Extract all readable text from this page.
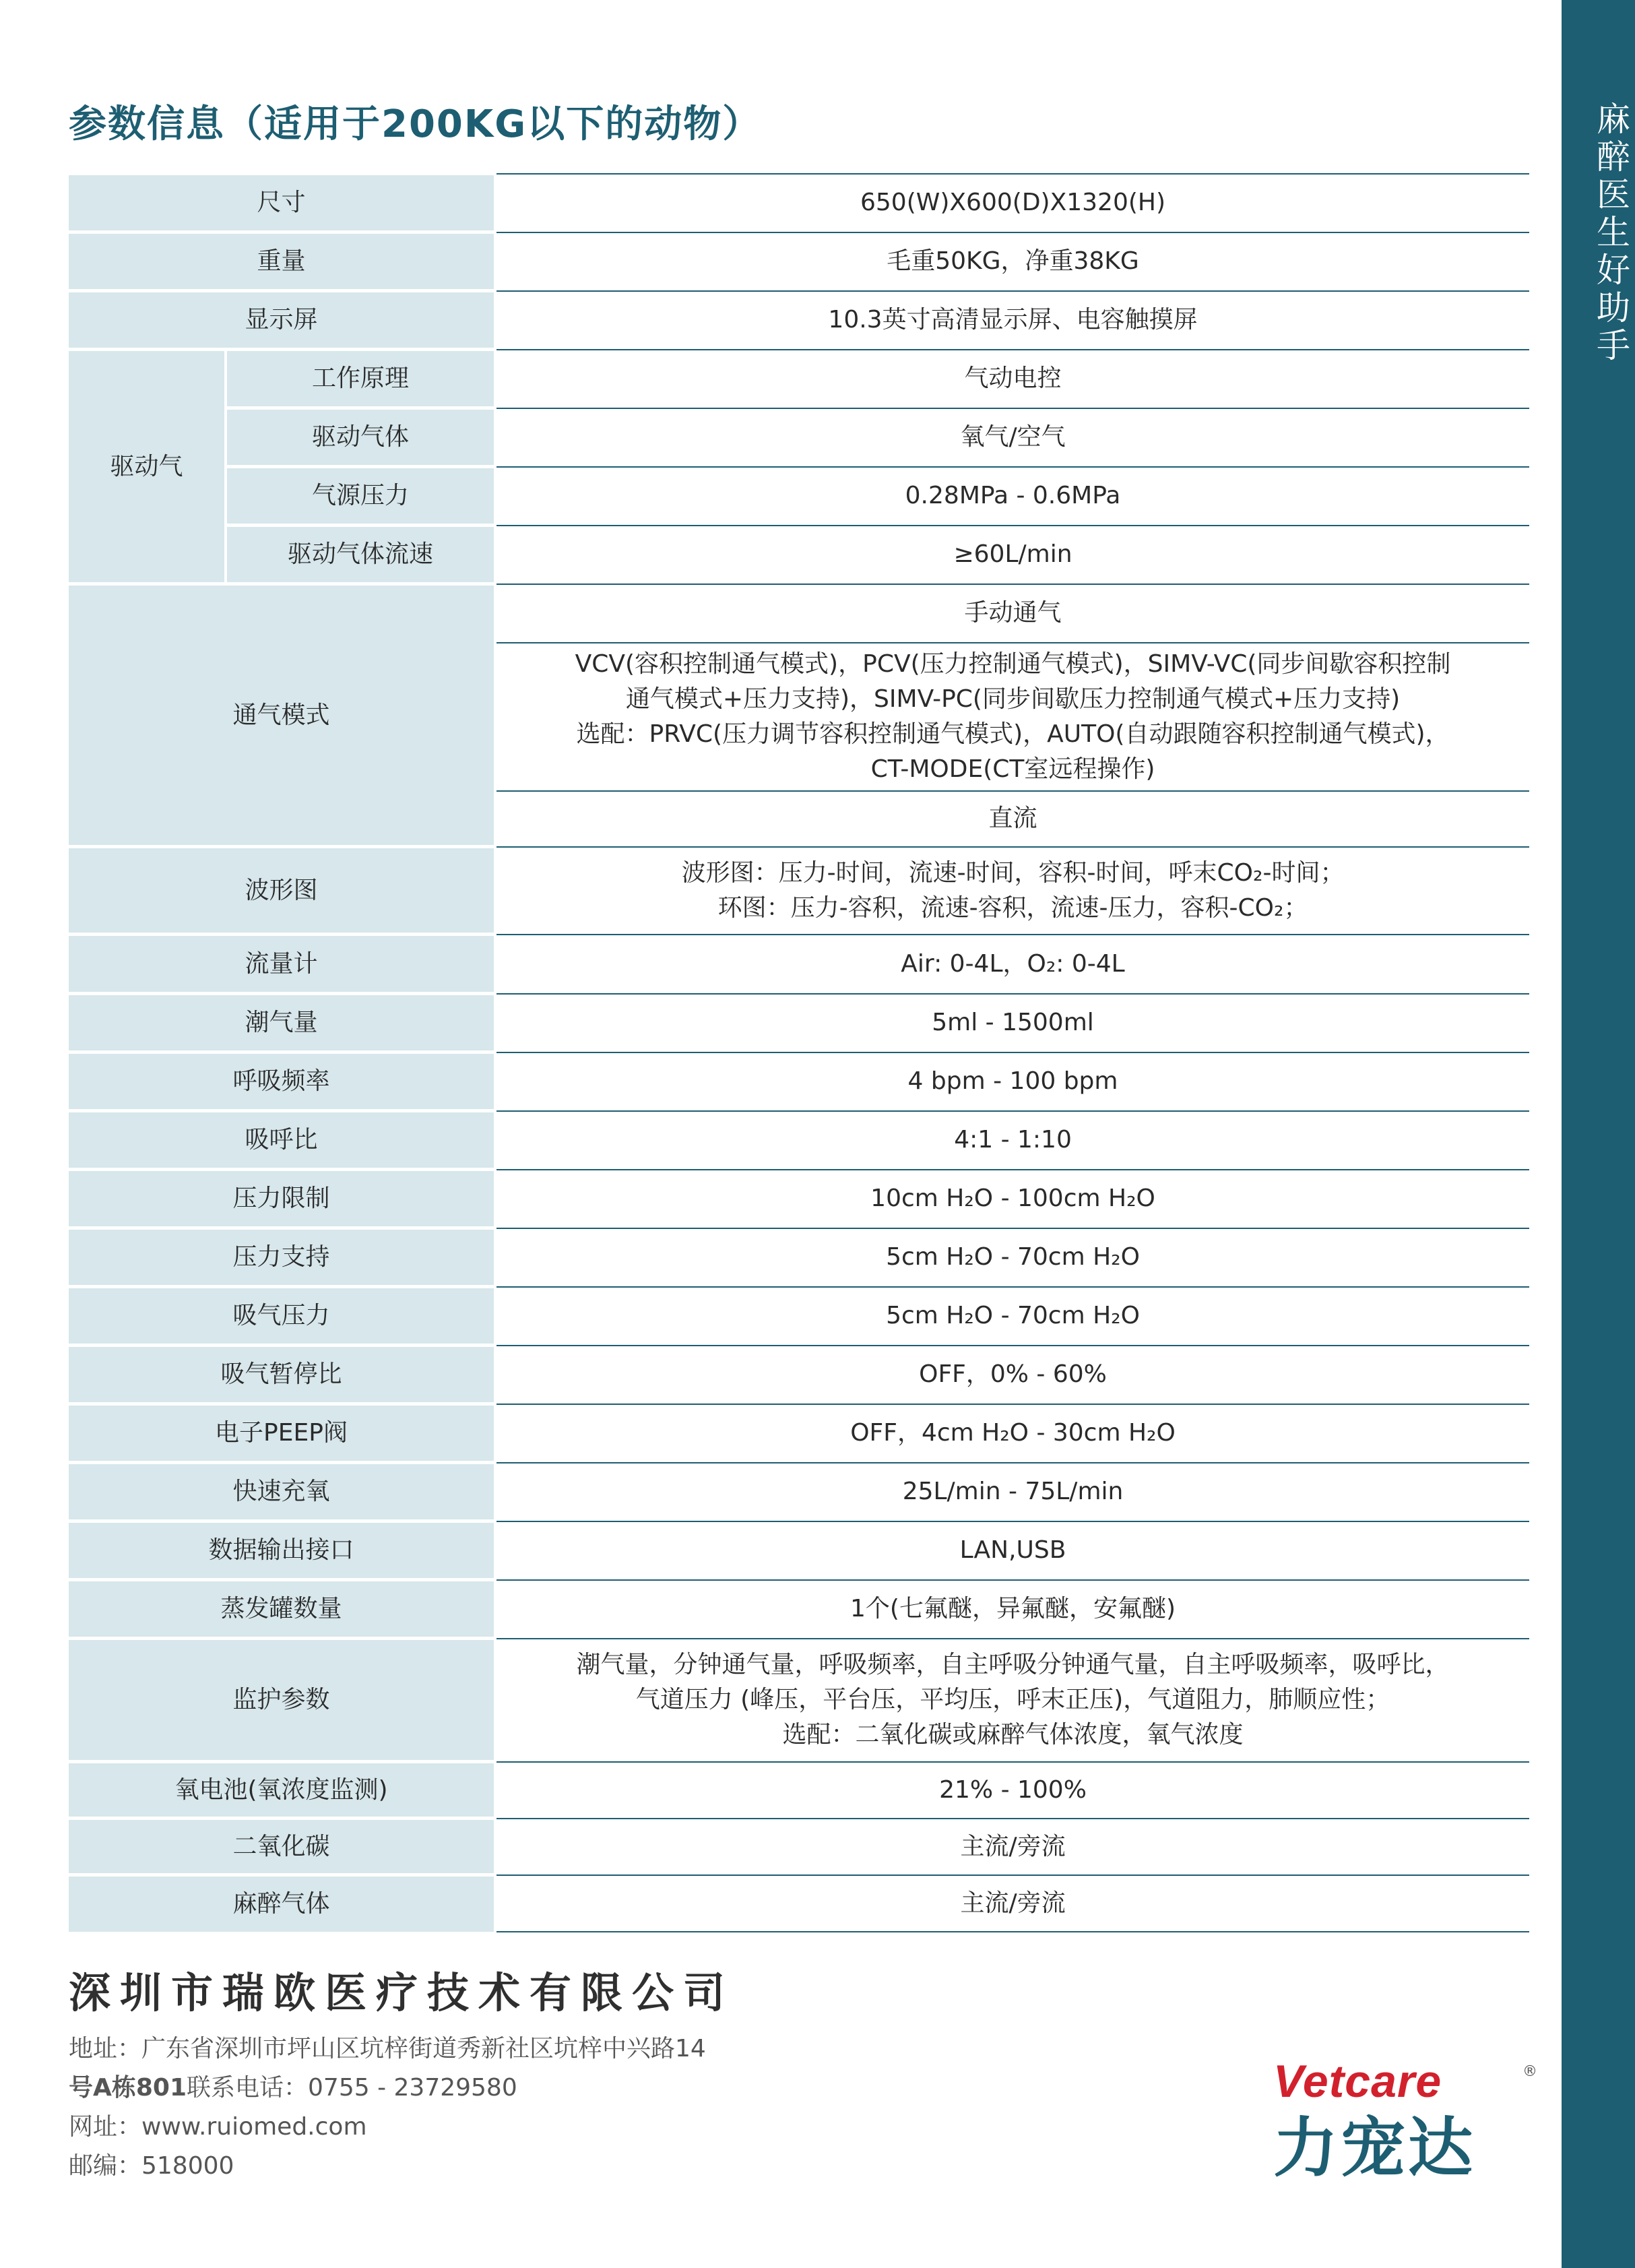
麻醉医生好助手
参数信息（适用于200KG以下的动物）
尺寸		650(W)X600(D)X1320(H)
重量		毛重50KG，净重38KG
显示屏		10.3英寸高清显示屏、电容触摸屏
驱动气	工作原理	气动电控
	驱动气体	氧气/空气
	气源压力	0.28MPa - 0.6MPa
	驱动气体流速	≥60L/min
通气模式		手动通气

		VCV(容积控制通气模式)，PCV(压力控制通气模式)，SIMV-VC(同步间歇容积控制
通气模式+压力支持)，SIMV-PC(同步间歇压力控制通气模式+压力支持)
选配：PRVC(压力调节容积控制通气模式)，AUTO(自动跟随容积控制通气模式)，
CT-MODE(CT室远程操作)

		直流
波形图		波形图：压力-时间，流速-时间，容积-时间，呼末CO₂-时间；
环图：压力-容积，流速-容积，流速-压力，容积-CO₂；

流量计		Air: 0-4L，O₂: 0-4L
潮气量		5ml - 1500ml
呼吸频率		4 bpm - 100 bpm
吸呼比		4:1 - 1:10
压力限制		10cm H₂O - 100cm H₂O
压力支持		5cm H₂O - 70cm H₂O
吸气压力		5cm H₂O - 70cm H₂O
吸气暂停比		OFF，0% - 60%
电子PEEP阀		OFF，4cm H₂O - 30cm H₂O
快速充氧		25L/min - 75L/min
数据输出接口		LAN,USB
蒸发罐数量		1个(七氟醚，异氟醚，安氟醚)
监护参数		潮气量，分钟通气量，呼吸频率，自主呼吸分钟通气量，自主呼吸频率，吸呼比，
气道压力 (峰压，平台压，平均压，呼末正压)，气道阻力，肺顺应性；
选配：二氧化碳或麻醉气体浓度，氧气浓度

氧电池(氧浓度监测)		21% - 100%
二氧化碳		主流/旁流
麻醉气体		主流/旁流
深圳市瑞欧医疗技术有限公司
地址：广东省深圳市坪山区坑梓街道秀新社区坑梓中兴路14
号A栋801联系电话：0755 - 23729580
网址：www.ruiomed.com
邮编：518000
Vetcare	®
力宠达
